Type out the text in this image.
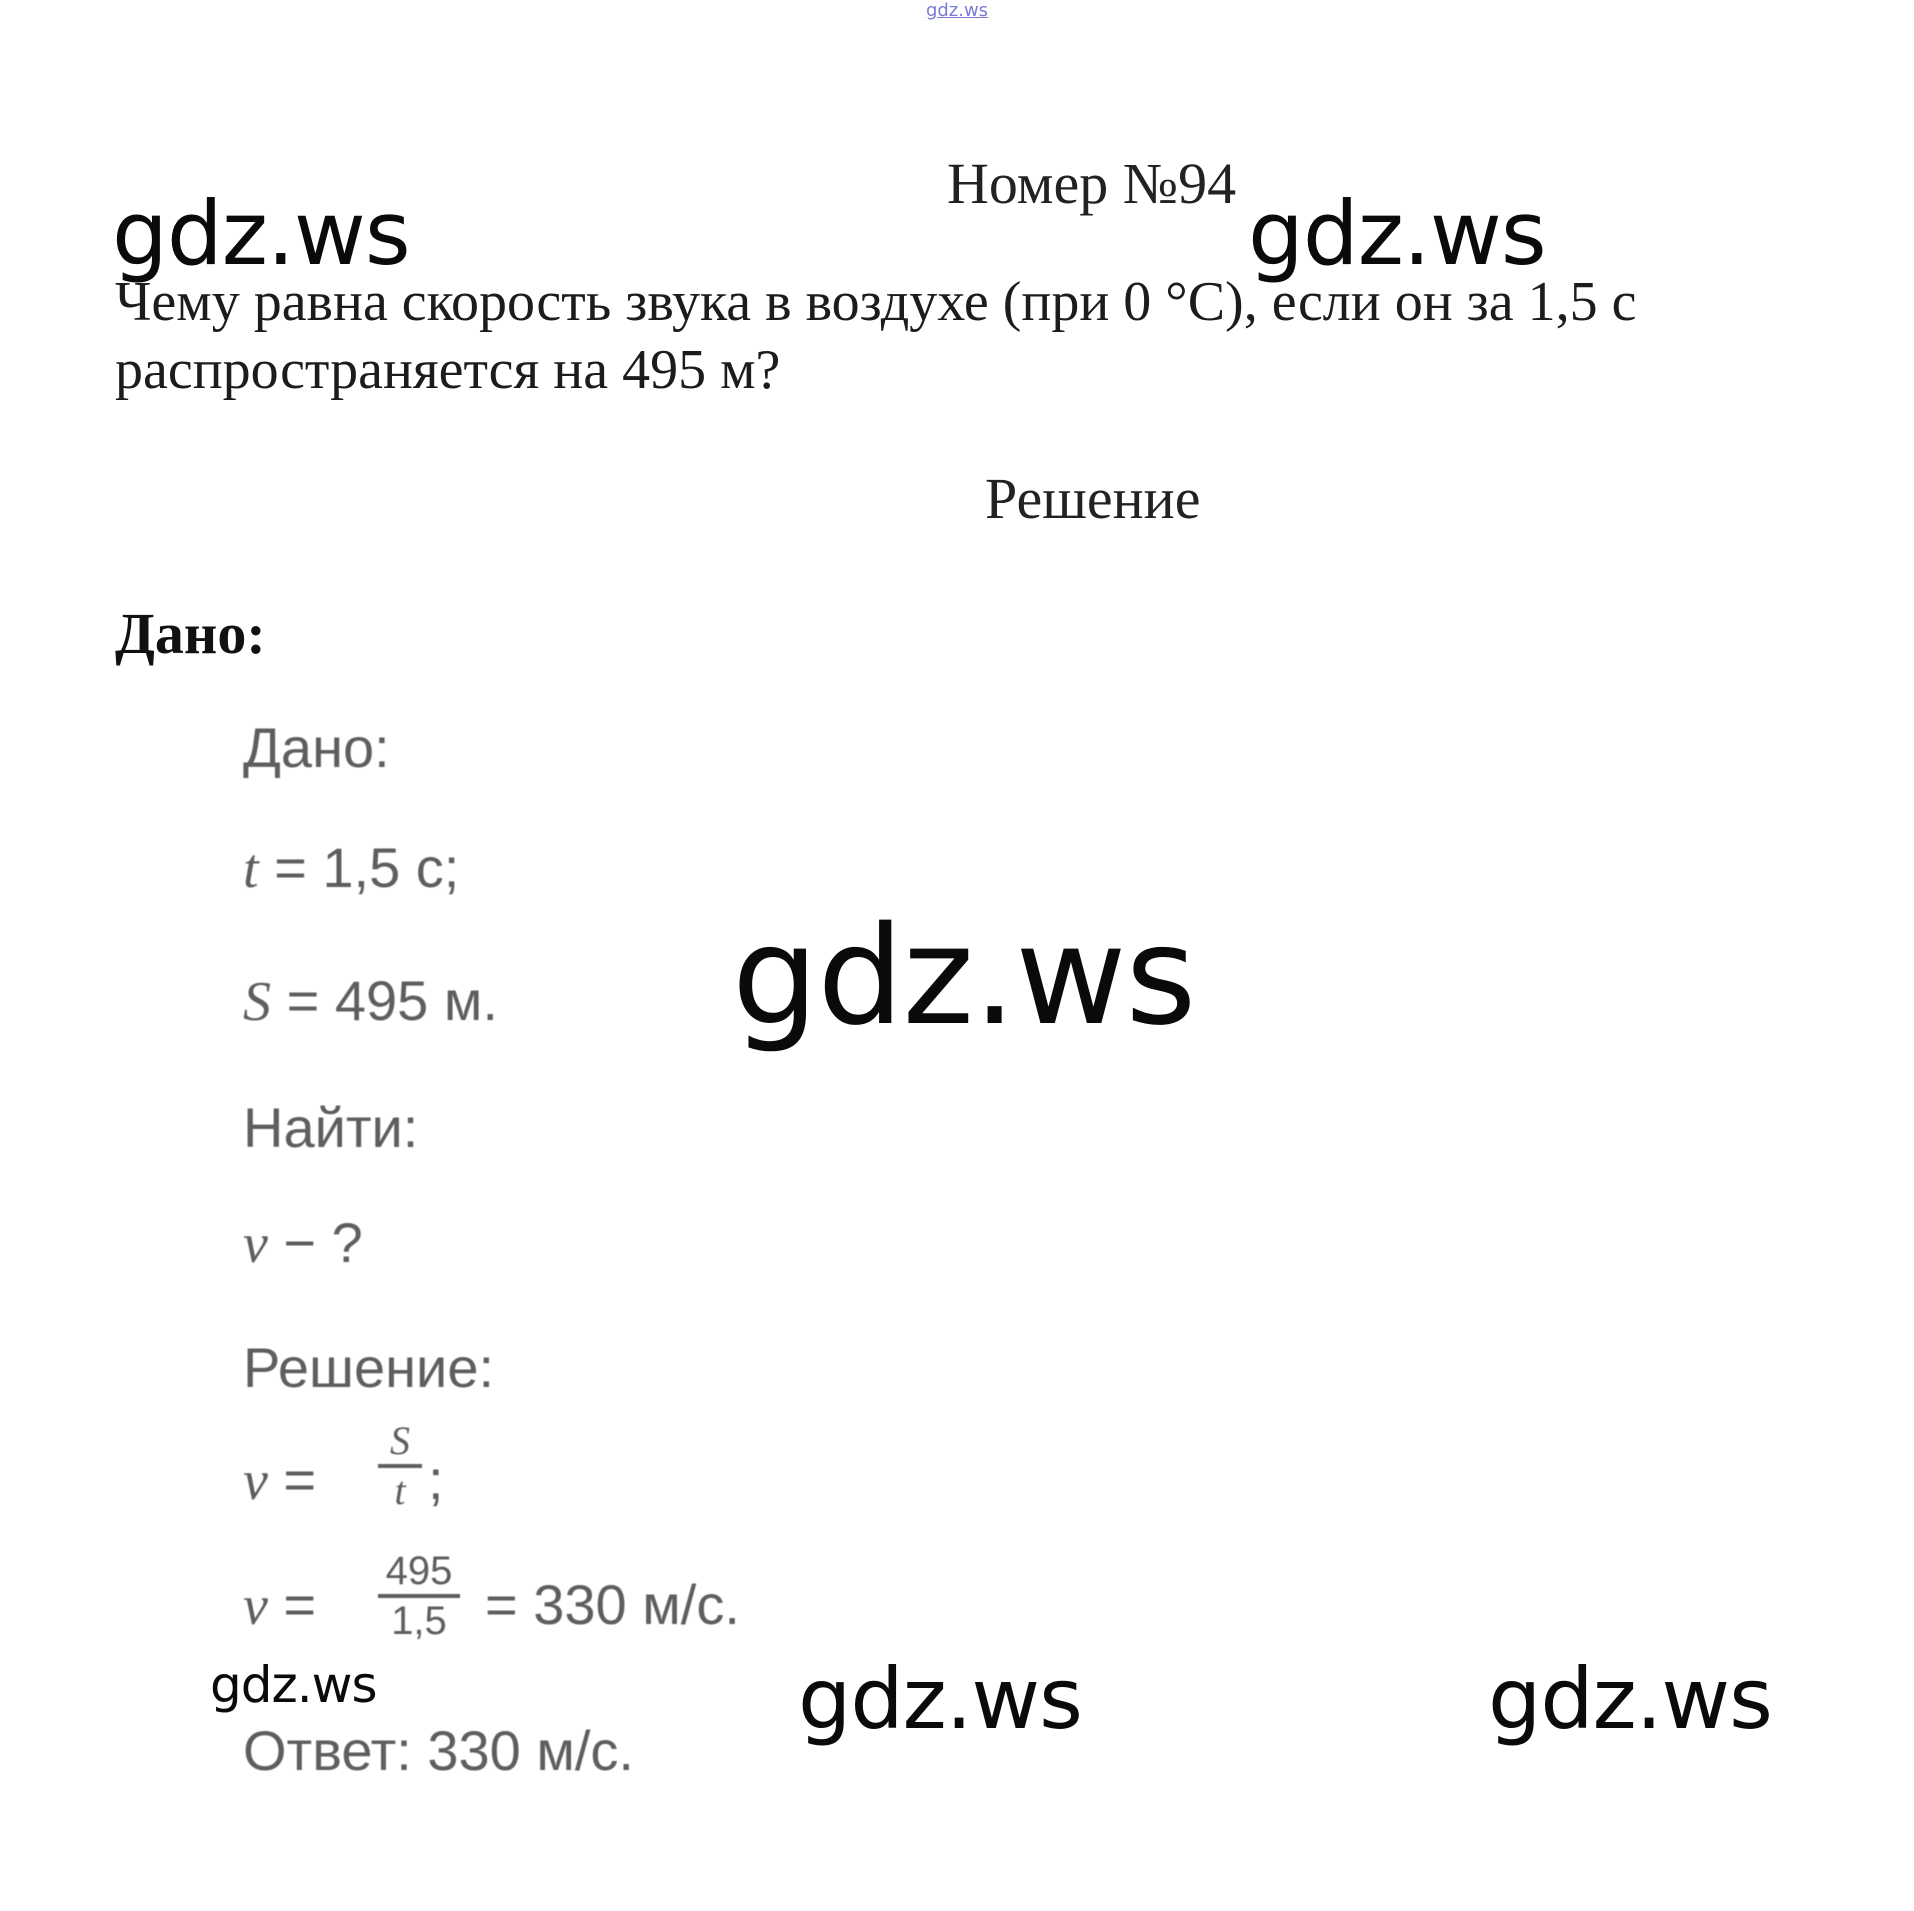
gdz.ws
Номер №94
Чему равна скорость звука в воздухе (при 0 °С), если он за 1,5 с
распространяется на 495 м?
Решение
Дано:
Дано:
t = 1,5 с;
S = 495 м.
Найти:
v − ?
Решение:
v =
S
t ;
v =
495
1,5 = 330 м/с.
Ответ: 330 м/с.
gdz.ws	gdz.ws
gdz.ws
gdz.ws	gdz.ws	gdz.ws
